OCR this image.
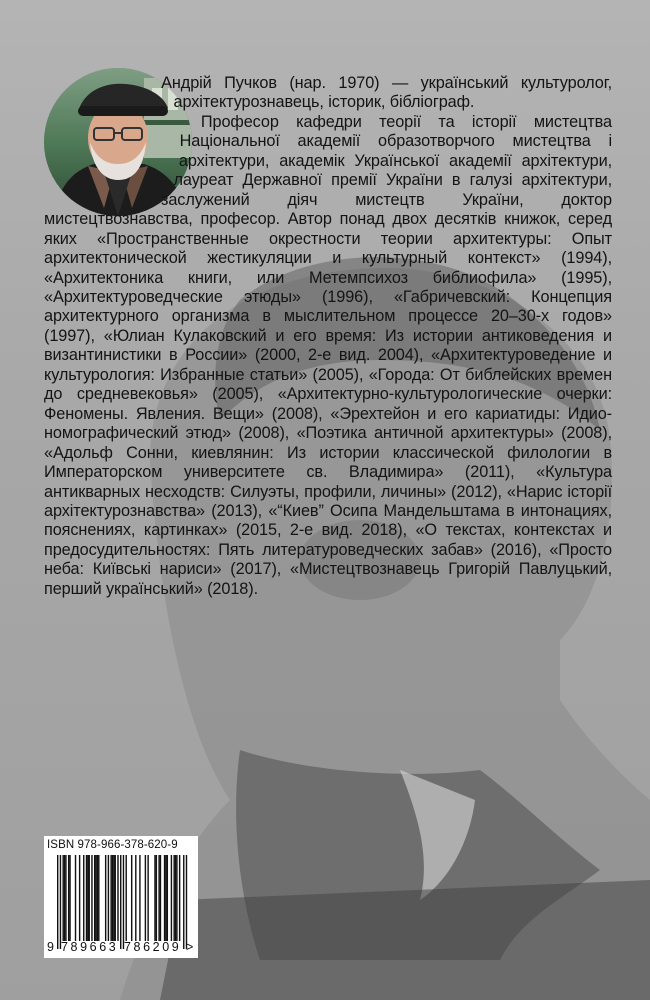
Андрій Пучков (нар. 1970) — український культуролог, архітектурознавець, історик, бібліограф.
Професор кафедри теорії та історії мистецтва Національної академії образотворчого мистецтва і архітектури, академік Української академії архітектури, лауреат Державної премії України в галузі архітектури, заслужений діяч мистецтв України, доктор мистецтвознавства, професор. Автор понад двох десятків книжок, серед яких «Пространственные окрестности теории архитектуры: Опыт архитектонической жестикуляции и культурный контекст» (1994), «Архитектоника книги, или Метемпсихоз библиофила» (1995), «Архитектуроведческие этюды» (1996), «Габричевский: Концепция архитектурного организма в мыслительном процессе 20–30-х годов» (1997), «Юлиан Кулаковский и его время: Из истории антиковедения и византинистики в России» (2000, 2-е вид. 2004), «Архитектуроведение и культурология: Избранные статьи» (2005), «Города: От библейских времен до средневековья» (2005), «Архитектурно-культурологические очерки: Феномены. Явления. Вещи» (2008), «Эрехтейон и его кариатиды: Идио-номографический этюд» (2008), «Поэтика античной архитектуры» (2008), «Адольф Сонни, киевлянин: Из истории классической филологии в Императорском университете св. Владимира» (2011), «Культура антикварных несходств: Силуэты, профили, личины» (2012), «Нарис історії архітектурознавства» (2013), «“Киев” Осипа Мандельштама в интонациях, пояснениях, картинках» (2015, 2-е вид. 2018), «О текстах, контекстах и предосудительностях: Пять литературоведческих забав» (2016), «Просто неба: Київські нариси» (2017), «Мистецтвознавець Григорій Павлуцький, перший український» (2018).

ISBN 978-966-378-620-9
9 789663 786209 >
